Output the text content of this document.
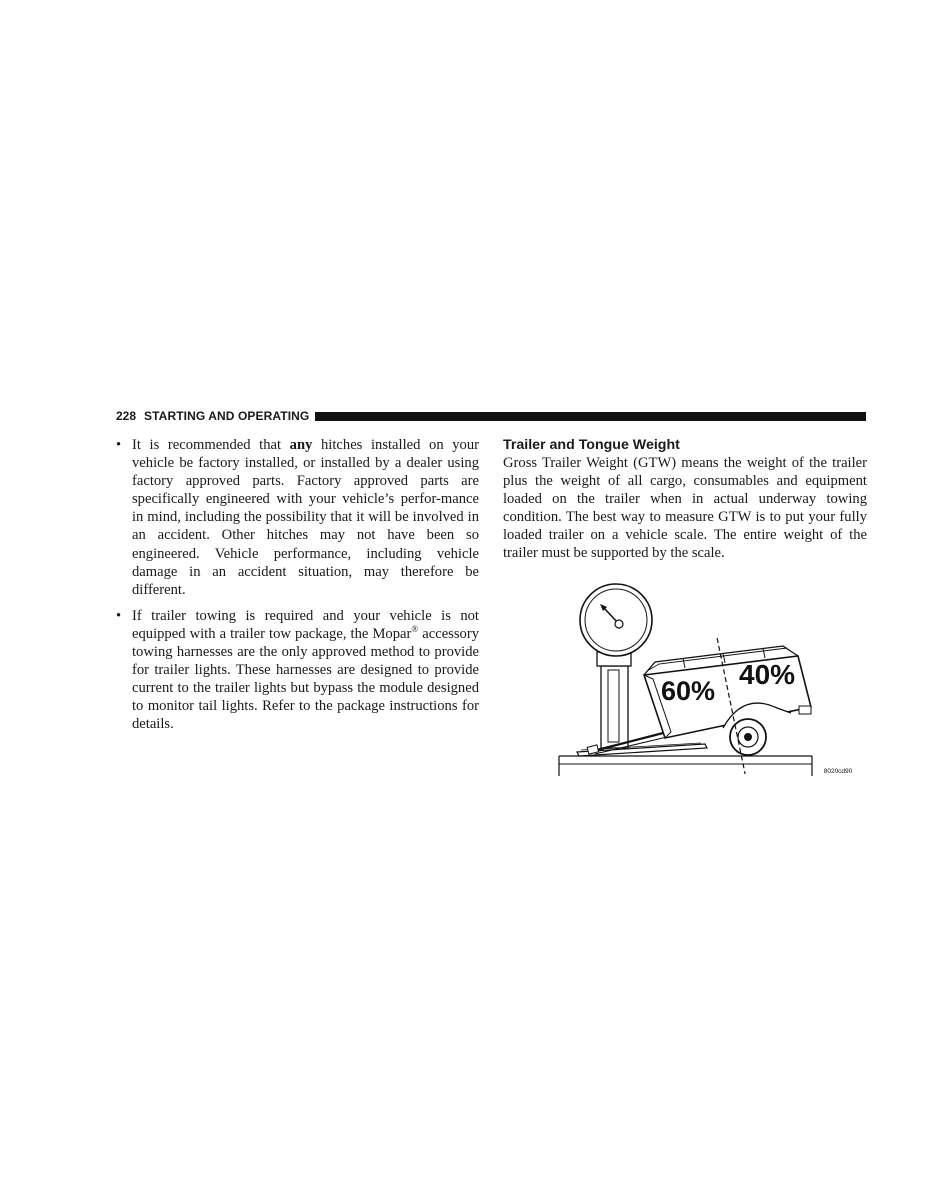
228 STARTING AND OPERATING
• It is recommended that any hitches installed on your vehicle be factory installed, or installed by a dealer using factory approved parts. Factory approved parts are specifically engineered with your vehicle’s perfor-mance in mind, including the possibility that it will be involved in an accident. Other hitches may not have been so engineered. Vehicle performance, including vehicle damage in an accident situation, may therefore be different.
• If trailer towing is required and your vehicle is not equipped with a trailer tow package, the Mopar® accessory towing harnesses are the only approved method to provide for trailer lights. These harnesses are designed to provide current to the trailer lights but bypass the module designed to monitor tail lights. Refer to the package instructions for details.
Trailer and Tongue Weight

Gross Trailer Weight (GTW) means the weight of the trailer plus the weight of all cargo, consumables and equipment loaded on the trailer when in actual underway towing condition. The best way to measure GTW is to put your fully loaded trailer on a vehicle scale. The entire weight of the trailer must be supported by the scale.

60%
40%
8020cd90
